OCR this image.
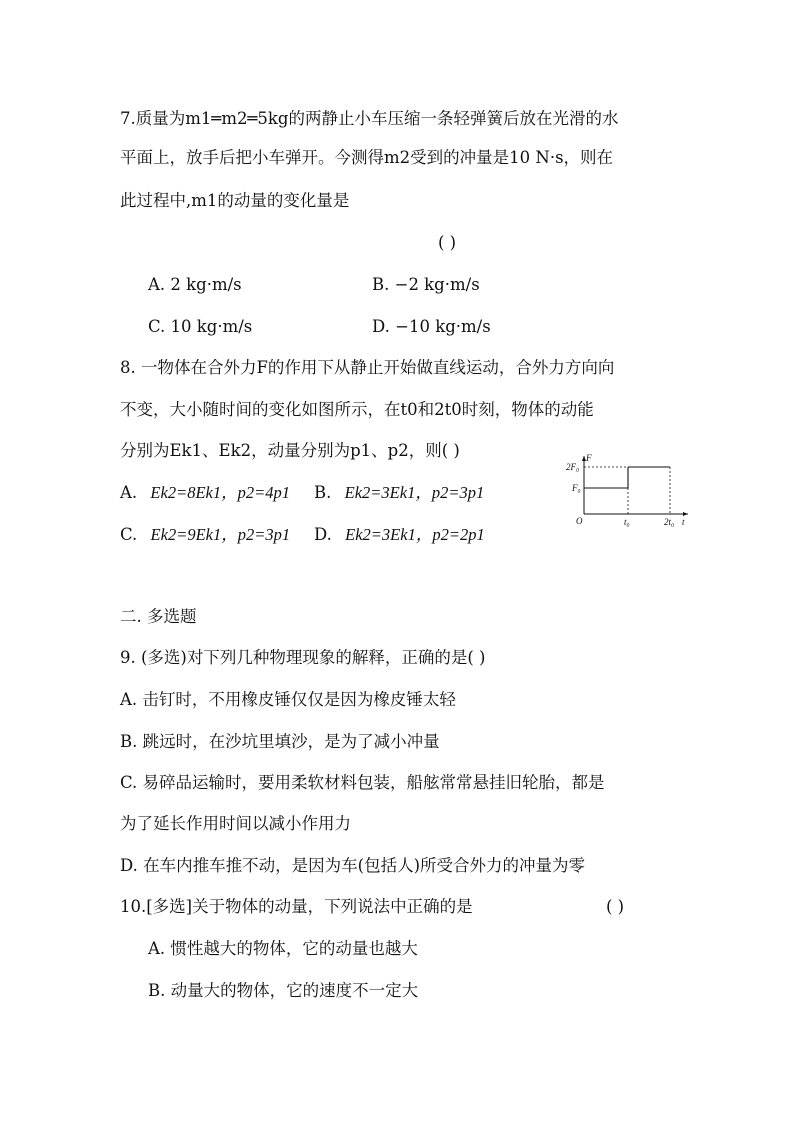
7.质量为m1═m2═5kg的两静止小车压缩一条轻弹簧后放在光滑的水
平面上，放手后把小车弹开。今测得m2受到的冲量是10 N·s，则在
此过程中,m1的动量的变化量是
( )
A. 2 kg·m/s	B. −2 kg·m/s
C. 10 kg·m/s	D. −10 kg·m/s
8. 一物体在合外力F的作用下从静止开始做直线运动，合外力方向向
不变，大小随时间的变化如图所示，在t0和2t0时刻，物体的动能
分别为Ek1、Ek2，动量分别为p1、p2，则( )
A. Ek2=8Ek1，p2=4p1 B. Ek2=3Ek1，p2=3p1
C. Ek2=9Ek1，p2=3p1 D. Ek2=3Ek1，p2=2p1
F
2F₀
F₀
O	t₀	2t₀ t
二. 多选题
9. (多选)对下列几种物理现象的解释，正确的是( )
A. 击钉时，不用橡皮锤仅仅是因为橡皮锤太轻
B. 跳远时，在沙坑里填沙，是为了减小冲量
C. 易碎品运输时，要用柔软材料包装，船舷常常悬挂旧轮胎，都是
为了延长作用时间以减小作用力
D. 在车内推车推不动，是因为车(包括人)所受合外力的冲量为零
10.[多选]关于物体的动量，下列说法中正确的是	( )
A. 惯性越大的物体，它的动量也越大
B. 动量大的物体，它的速度不一定大
